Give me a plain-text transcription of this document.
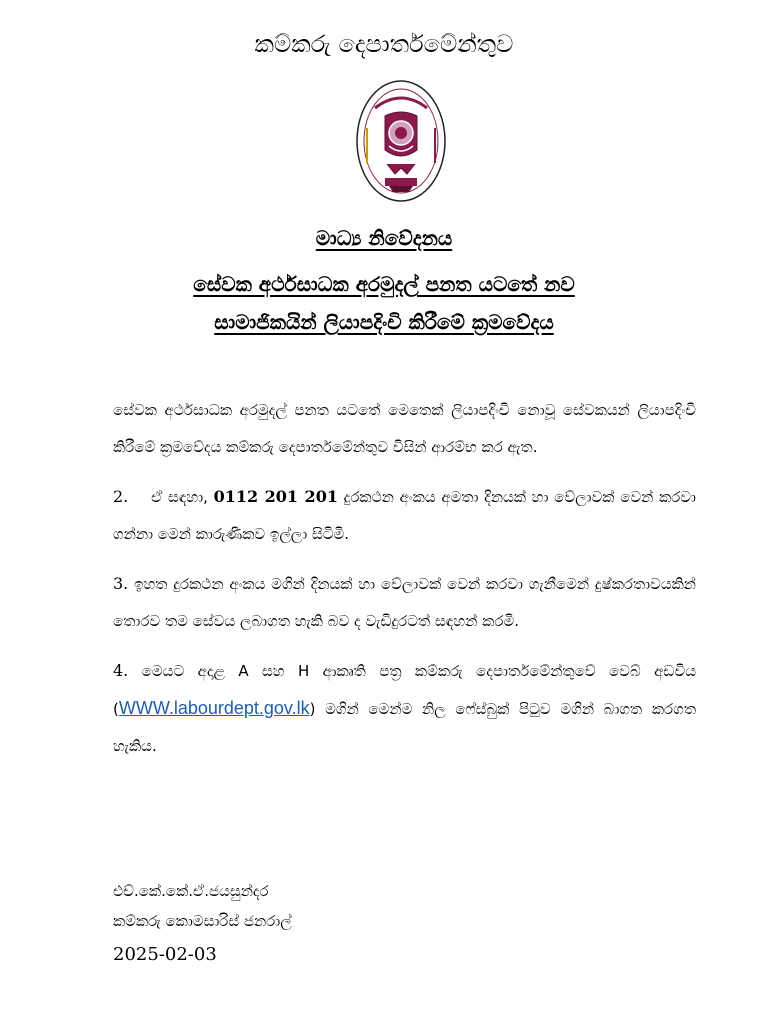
කම්කරු දෙපාර්තමේන්තුව
මාධ්‍ය නිවේදනය
සේවක අර්ථසාධක අරමුදල් පනත යටතේ නව
සාමාජිකයින් ලියාපදිංචි කිරීමේ ක්‍රමවේදය

සේවක අර්ථසාධක අරමුදල් පනත යටතේ මෙතෙක් ලියාපදිංචි නොවූ සේවකයන් ලියාපදිංචි කිරීමේ ක්‍රමවේදය කම්කරු දෙපාර්තමේන්තුව විසින් ආරම්භ කර ඇත.

2. ඒ සඳහා, 0112 201 201 දුරකථන අංකය අමතා දිනයක් හා වේලාවක් වෙන් කරවා ගන්නා මෙන් කාරුණිකව ඉල්ලා සිටිමි.

3. ඉහත දුරකථන අංකය මගින් දිනයක් හා වේලාවක් වෙන් කරවා ගැනීමෙන් දුෂ්කරතාවයකින් තොරව තම සේවය ලබාගත හැකි බව ද වැඩිදුරටත් සඳහන් කරමි.

4. මෙයට අදාළ A සහ H ආකෘති පත්‍ර කම්කරු දෙපාර්තමේන්තුවේ වෙබ් අඩවිය (WWW.labourdept.gov.lk) මගින් මෙන්ම නිල ෆේස්බුක් පිටුව මගින් බාගත කරගත හැකිය.

එච්.කේ.කේ.ඒ.ජයසුන්දර
කම්කරු කොමසාරිස් ජනරාල්
2025-02-03
